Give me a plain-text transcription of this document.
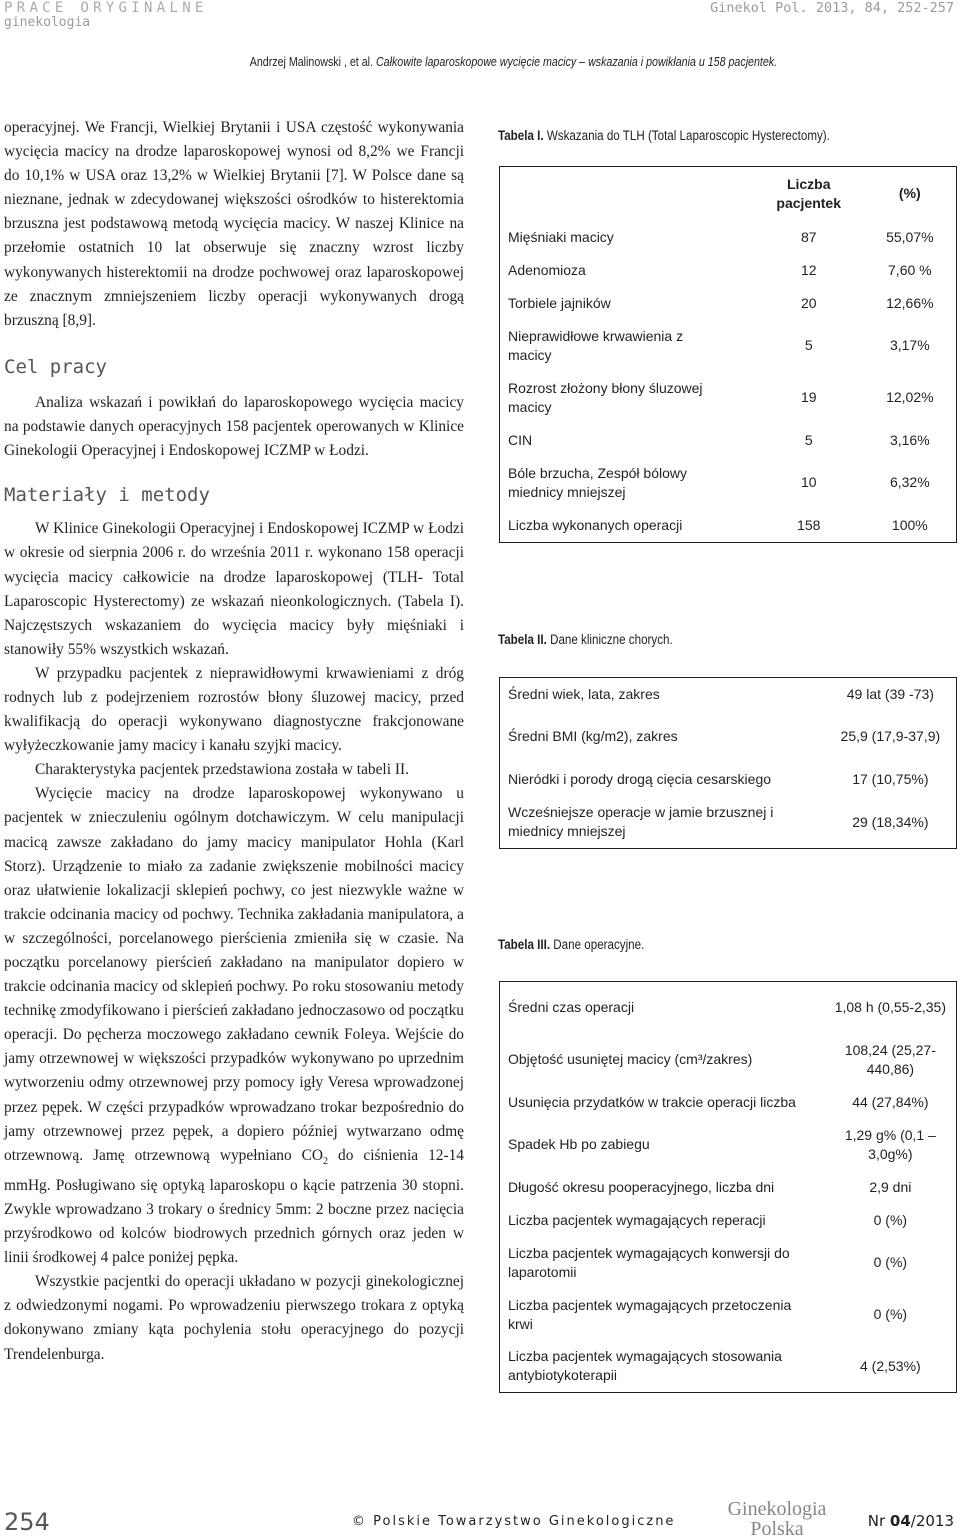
PRACE ORYGINALNE
ginekologia
Ginekol Pol. 2013, 84, 252-257
Andrzej Malinowski , et al. Całkowite laparoskopowe wycięcie macicy – wskazania i powikłania u 158 pacjentek.

operacyjnej. We Francji, Wielkiej Brytanii i USA częstość wykonywania wycięcia macicy na drodze laparoskopowej wynosi od 8,2% we Francji do 10,1% w USA oraz 13,2% w Wielkiej Brytanii [7]. W Polsce dane są nieznane, jednak w zdecydowanej większości ośrodków to histerektomia brzuszna jest podstawową metodą wycięcia macicy. W naszej Klinice na przełomie ostatnich 10 lat obserwuje się znaczny wzrost liczby wykonywanych histerektomii na drodze pochwowej oraz laparoskopowej ze znacznym zmniejszeniem liczby operacji wykonywanych drogą brzuszną [8,9].

Cel pracy

Analiza wskazań i powikłań do laparoskopowego wycięcia macicy na podstawie danych operacyjnych 158 pacjentek operowanych w Klinice Ginekologii Operacyjnej i Endoskopowej ICZMP w Łodzi.

Materiały i metody

W Klinice Ginekologii Operacyjnej i Endoskopowej ICZMP w Łodzi w okresie od sierpnia 2006 r. do września 2011 r. wykonano 158 operacji wycięcia macicy całkowicie na drodze laparoskopowej (TLH- Total Laparoscopic Hysterectomy) ze wskazań nieonkologicznych. (Tabela I). Najczęstszych wskazaniem do wycięcia macicy były mięśniaki i stanowiły 55% wszystkich wskazań.

W przypadku pacjentek z nieprawidłowymi krwawieniami z dróg rodnych lub z podejrzeniem rozrostów błony śluzowej macicy, przed kwalifikacją do operacji wykonywano diagnostyczne frakcjonowane wyłyżeczkowanie jamy macicy i kanału szyjki macicy.

Charakterystyka pacjentek przedstawiona została w tabeli II.

Wycięcie macicy na drodze laparoskopowej wykonywano u pacjentek w znieczuleniu ogólnym dotchawiczym. W celu manipulacji macicą zawsze zakładano do jamy macicy manipulator Hohla (Karl Storz). Urządzenie to miało za zadanie zwiększenie mobilności macicy oraz ułatwienie lokalizacji sklepień pochwy, co jest niezwykle ważne w trakcie odcinania macicy od pochwy. Technika zakładania manipulatora, a w szczególności, porcelanowego pierścienia zmieniła się w czasie. Na początku porcelanowy pierścień zakładano na manipulator dopiero w trakcie odcinania macicy od sklepień pochwy. Po roku stosowaniu metody technikę zmodyfikowano i pierścień zakładano jednoczasowo od początku operacji. Do pęcherza moczowego zakładano cewnik Foleya. Wejście do jamy otrzewnowej w większości przypadków wykonywano po uprzednim wytworzeniu odmy otrzewnowej przy pomocy igły Veresa wprowadzonej przez pępek. W części przypadków wprowadzano trokar bezpośrednio do jamy otrzewnowej przez pępek, a dopiero później wytwarzano odmę otrzewnową. Jamę otrzewnową wypełniano $CO_2$ do ciśnienia 12-14 mmHg. Posługiwano się optyką laparoskopu o kącie patrzenia 30 stopni. Zwykle wprowadzano 3 trokary o średnicy 5mm: 2 boczne przez nacięcia przyśrodkowo od kolców biodrowych przednich górnych oraz jeden w linii środkowej 4 palce poniżej pępka.

Wszystkie pacjentki do operacji układano w pozycji ginekologicznej z odwiedzonymi nogami. Po wprowadzeniu pierwszego trokara z optyką dokonywano zmiany kąta pochylenia stołu operacyjnego do pozycji Trendelenburga.

Tabela I. Wskazania do TLH (Total Laparoscopic Hysterectomy).
	Liczba pacjentek	(%)
Mięśniaki macicy	87	55,07%
Adenomioza	12	7,60 %
Torbiele jajników	20	12,66%
Nieprawidłowe krwawienia z macicy	5	3,17%
Rozrost złożony błony śluzowej macicy	19	12,02%
CIN	5	3,16%
Bóle brzucha, Zespół bólowy miednicy mniejszej	10	6,32%
Liczba wykonanych operacji	158	100%
Tabela II. Dane kliniczne chorych.
Średni wiek, lata, zakres	49 lat (39 -73)
Średni BMI (kg/m2), zakres	25,9 (17,9-37,9)
Nieródki i porody drogą cięcia cesarskiego	17 (10,75%)
Wcześniejsze operacje w jamie brzusznej i miednicy mniejszej	29 (18,34%)
Tabela III. Dane operacyjne.
Średni czas operacji	1,08 h (0,55-2,35)
Objętość usuniętej macicy (cm³/zakres)	108,24 (25,27-440,86)
Usunięcia przydatków w trakcie operacji liczba	44 (27,84%)
Spadek Hb po zabiegu	1,29 g% (0,1 – 3,0g%)
Długość okresu pooperacyjnego, liczba dni	2,9 dni
Liczba pacjentek wymagających reperacji	0 (%)
Liczba pacjentek wymagających konwersji do laparotomii	0 (%)
Liczba pacjentek wymagających przetoczenia krwi	0 (%)
Liczba pacjentek wymagających stosowania antybiotykoterapii	4 (2,53%)
254	© Polskie Towarzystwo Ginekologiczne
Ginekologia
Polska	Nr 04/2013
